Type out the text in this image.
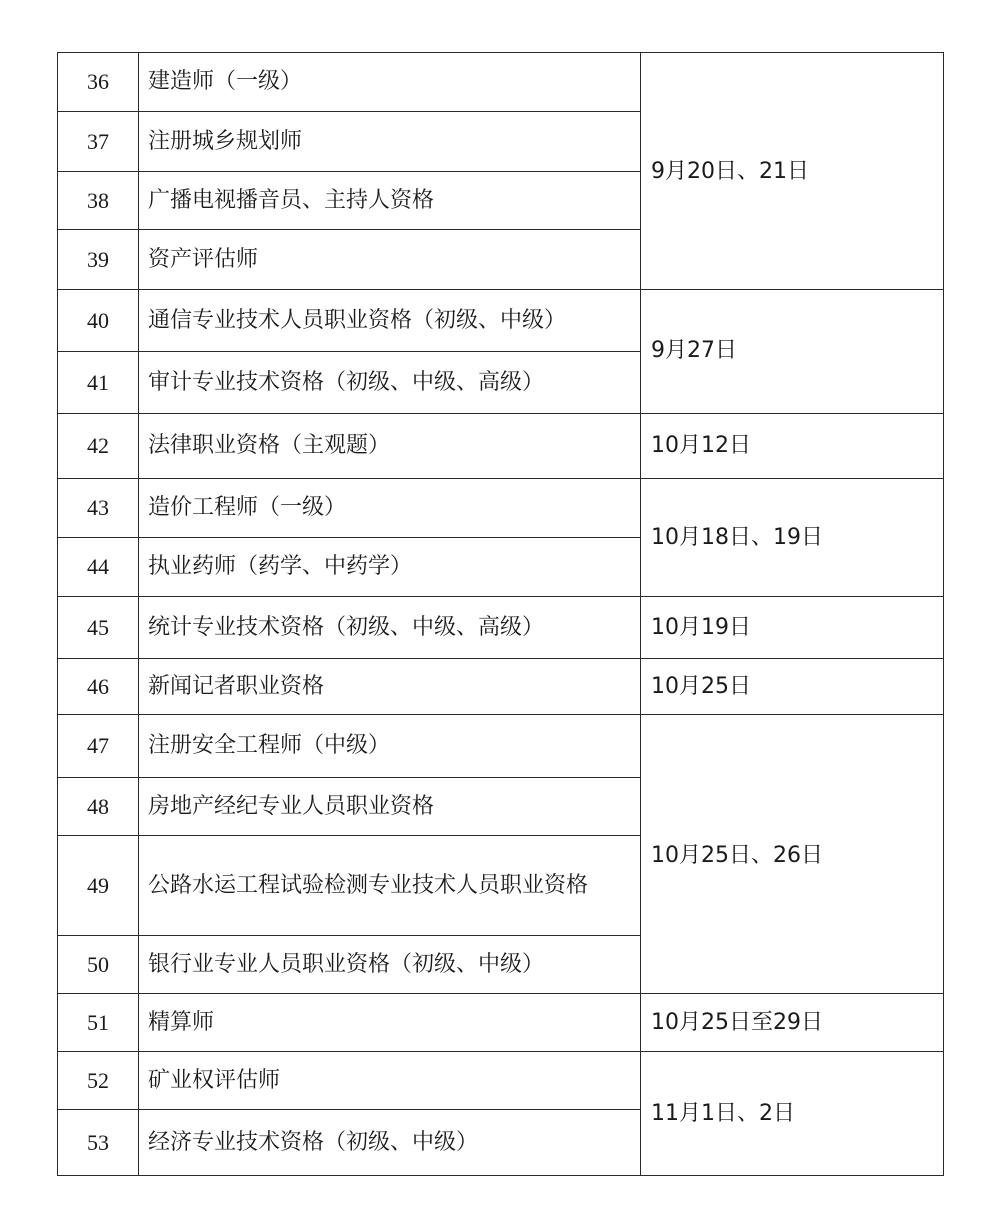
36	建造师（一级）	9月20日、21日
37	注册城乡规划师	
38	广播电视播音员、主持人资格	
39	资产评估师	
40	通信专业技术人员职业资格（初级、中级）	9月27日
41	审计专业技术资格（初级、中级、高级）	
42	法律职业资格（主观题）	10月12日
43	造价工程师（一级）	10月18日、19日
44	执业药师（药学、中药学）	
45	统计专业技术资格（初级、中级、高级）	10月19日
46	新闻记者职业资格	10月25日
47	注册安全工程师（中级）	10月25日、26日
48	房地产经纪专业人员职业资格	
49	公路水运工程试验检测专业技术人员职业资格	
50	银行业专业人员职业资格（初级、中级）	
51	精算师	10月25日至29日
52	矿业权评估师	11月1日、2日
53	经济专业技术资格（初级、中级）	
